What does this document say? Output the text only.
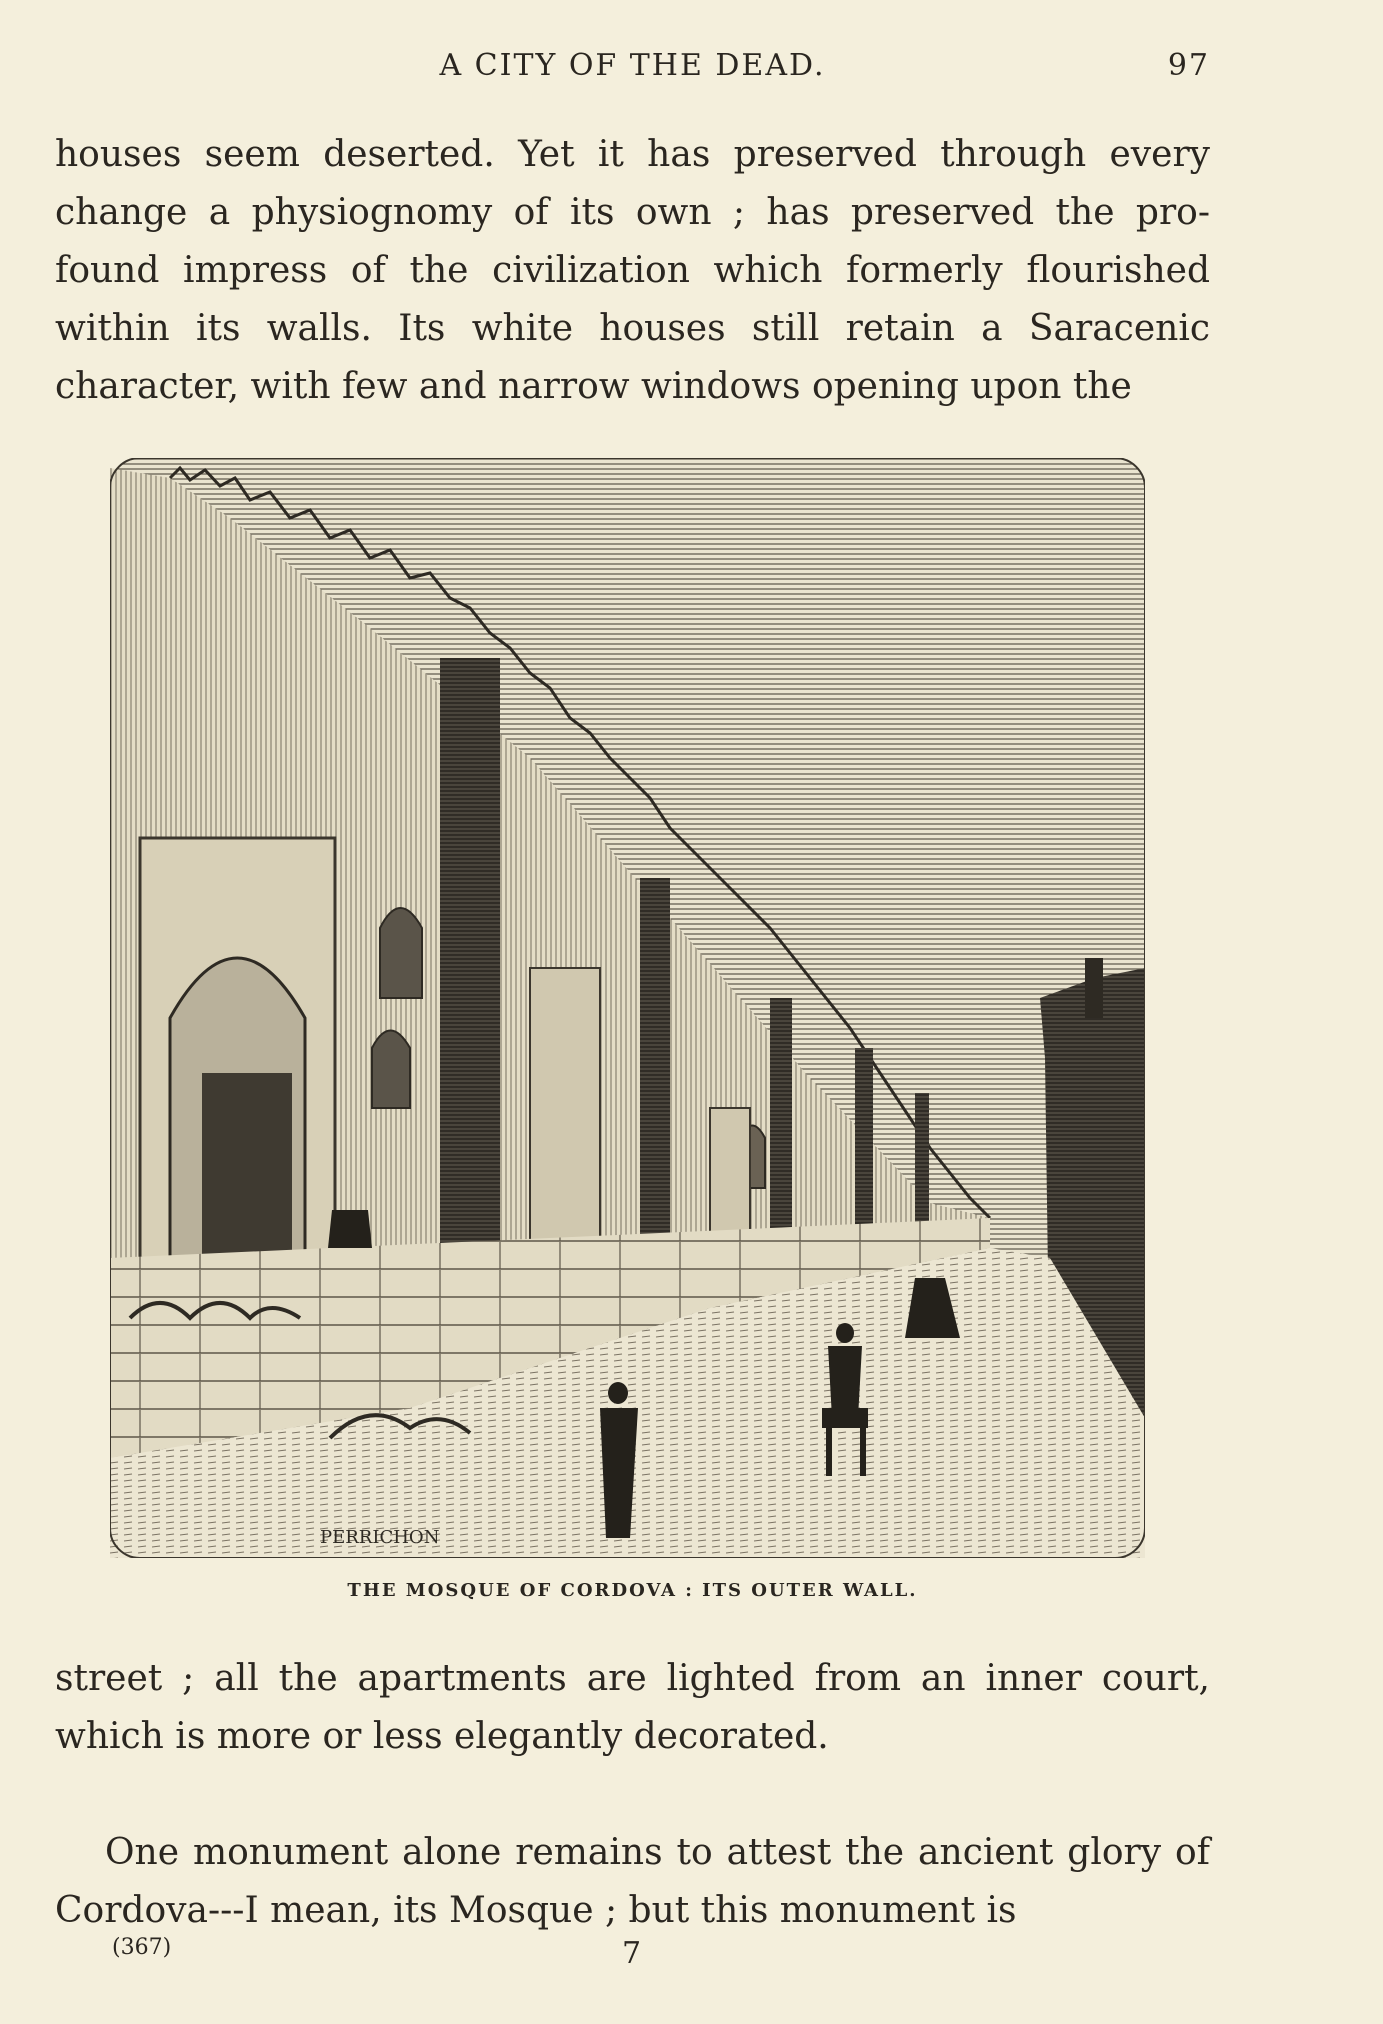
A CITY OF THE DEAD.	97
houses seem deserted. Yet it has preserved through every change a physiognomy of its own ; has preserved the pro-found impress of the civilization which formerly flourished within its walls. Its white houses still retain a Saracenic character, with few and narrow windows opening upon the
PERRICHON
THE MOSQUE OF CORDOVA : ITS OUTER WALL.
street ; all the apartments are lighted from an inner court, which is more or less elegantly decorated.
One monument alone remains to attest the ancient glory of Cordova---I mean, its Mosque ; but this monument is
(367)	7
